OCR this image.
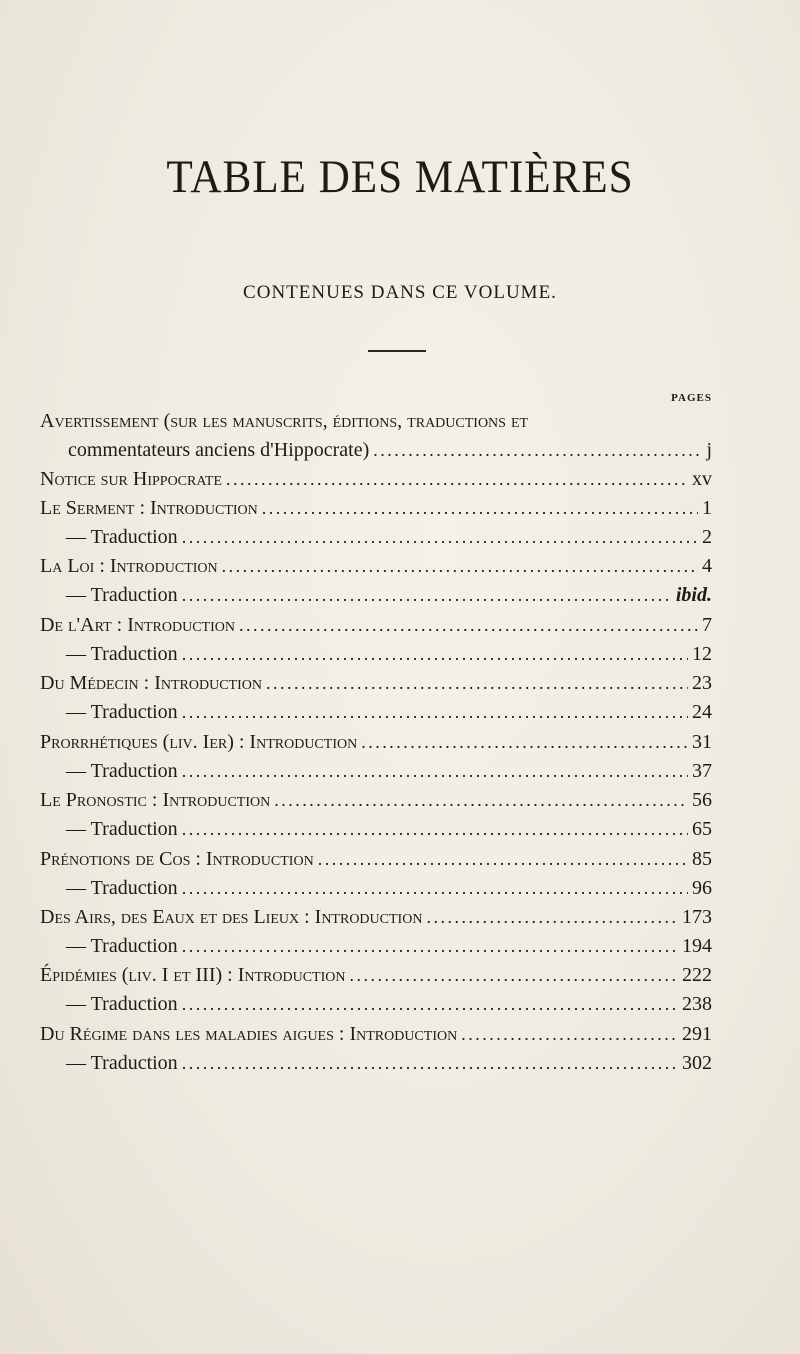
TABLE DES MATIÈRES
CONTENUES DANS CE VOLUME.
PAGES
Avertissement (sur les manuscrits, éditions, traductions et
commentateurs anciens d'Hippocrate) . . .	j
Notice sur Hippocrate . . .	xv
Le Serment : Introduction . . .	1
— Traduction . . .	2
La Loi : Introduction . . .	4
— Traduction . . .	ibid.
De l'Art : Introduction . . .	7
— Traduction . . .	12
Du Médecin : Introduction . . .	23
— Traduction . . .	24
Prorrhétiques (liv. Ier) : Introduction . . .	31
— Traduction . . .	37
Le Pronostic : Introduction . . .	56
— Traduction . . .	65
Prénotions de Cos : Introduction . . .	85
— Traduction . . .	96
Des Airs, des Eaux et des Lieux : Introduction . . .	173
— Traduction . . .	194
Épidémies (liv. I et III) : Introduction . . .	222
— Traduction . . .	238
Du Régime dans les maladies aigues : Introduction . . .	291
— Traduction . . .	302
